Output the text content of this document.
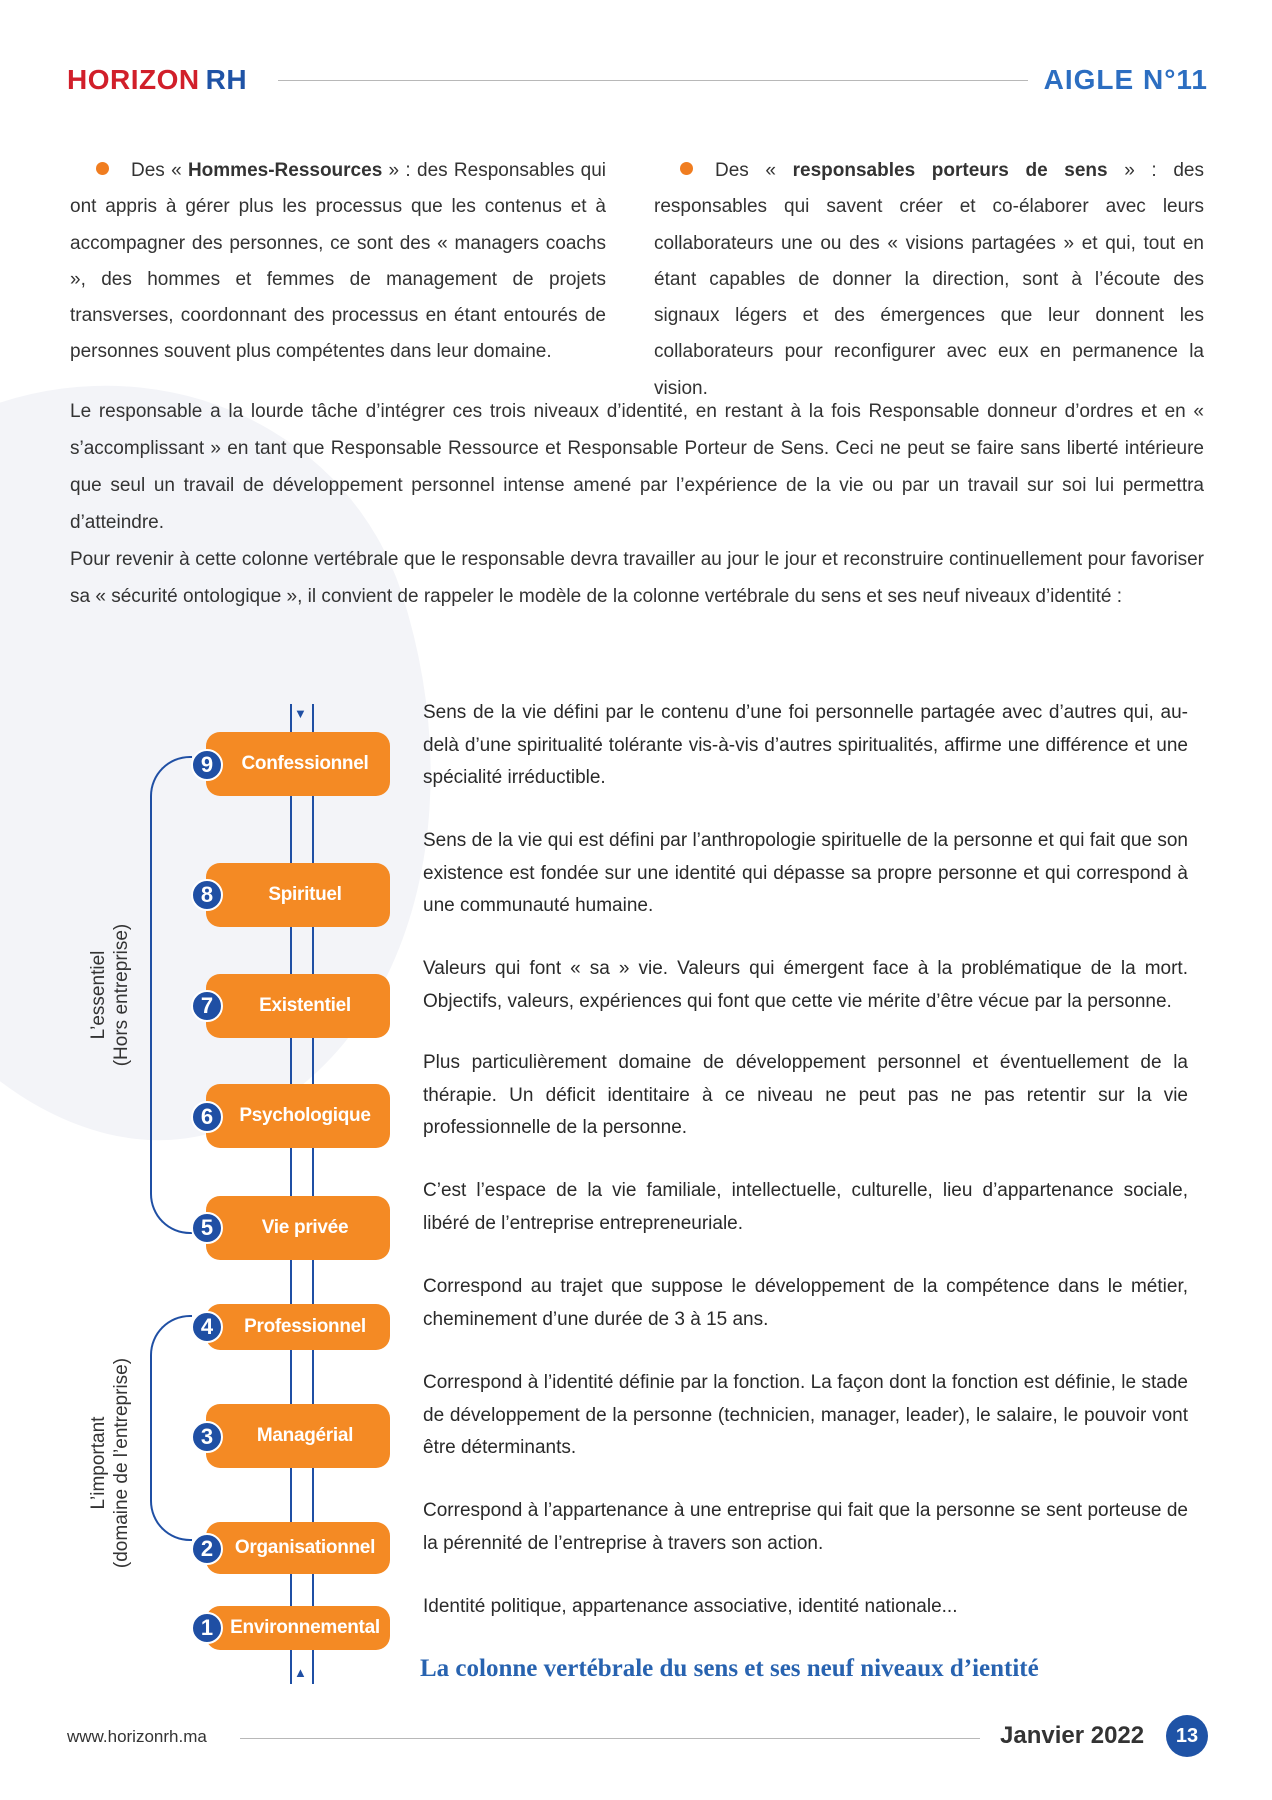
HORIZON RH	AIGLE N°11
Des « Hommes-Ressources » : des Responsables qui ont appris à gérer plus les processus que les contenus et à accompagner des personnes, ce sont des « managers coachs », des hommes et femmes de management de projets transverses, coordonnant des processus en étant entourés de personnes souvent plus compétentes dans leur domaine.
Des « responsables porteurs de sens » : des responsables qui savent créer et co-élaborer avec leurs collaborateurs une ou des « visions partagées » et qui, tout en étant capables de donner la direction, sont à l’écoute des signaux légers et des émergences que leur donnent les collaborateurs pour reconfigurer avec eux en permanence la vision.

Le responsable a la lourde tâche d’intégrer ces trois niveaux d’identité, en restant à la fois Responsable donneur d’ordres et en « s’accomplissant » en tant que Responsable Ressource et Responsable Porteur de Sens. Ceci ne peut se faire sans liberté intérieure que seul un travail de développement personnel intense amené par l’expérience de la vie ou par un travail sur soi lui permettra d’atteindre.

Pour revenir à cette colonne vertébrale que le responsable devra travailler au jour le jour et reconstruire continuellement pour favoriser sa « sécurité ontologique », il convient de rappeler le modèle de la colonne vertébrale du sens et ses neuf niveaux d’identité :

▼
▲
L’essentiel (Hors entreprise)
L’important (domaine de l’entreprise)
Confessionnel
9
Sens de la vie défini par le contenu d’une foi personnelle partagée avec d’autres qui, au-delà d’une spiritualité tolérante vis-à-vis d’autres spiritualités, affirme une différence et une spécialité irréductible.
Spirituel
8
Sens de la vie qui est défini par l’anthropologie spirituelle de la personne et qui fait que son existence est fondée sur une identité qui dépasse sa propre personne et qui correspond à une communauté humaine.
Existentiel
7
Valeurs qui font « sa » vie. Valeurs qui émergent face à la problématique de la mort. Objectifs, valeurs, expériences qui font que cette vie mérite d’être vécue par la personne.
Psychologique
6
Plus particulièrement domaine de développement personnel et éventuellement de la thérapie. Un déficit identitaire à ce niveau ne peut pas ne pas retentir sur la vie professionnelle de la personne.
Vie privée
5
C’est l’espace de la vie familiale, intellectuelle, culturelle, lieu d’appartenance sociale, libéré de l’entreprise entrepreneuriale.
Professionnel
4
Correspond au trajet que suppose le développement de la compétence dans le métier, cheminement d’une durée de 3 à 15 ans.
Managérial
3
Correspond à l’identité définie par la fonction. La façon dont la fonction est définie, le stade de développement de la personne (technicien, manager, leader), le salaire, le pouvoir vont être déterminants.
Organisationnel
2
Correspond à l’appartenance à une entreprise qui fait que la personne se sent porteuse de la pérennité de l’entreprise à travers son action.
Environnemental
1
Identité politique, appartenance associative, identité nationale...
La colonne vertébrale du sens et ses neuf niveaux d’ientité
www.horizonrh.ma	Janvier 2022	13
